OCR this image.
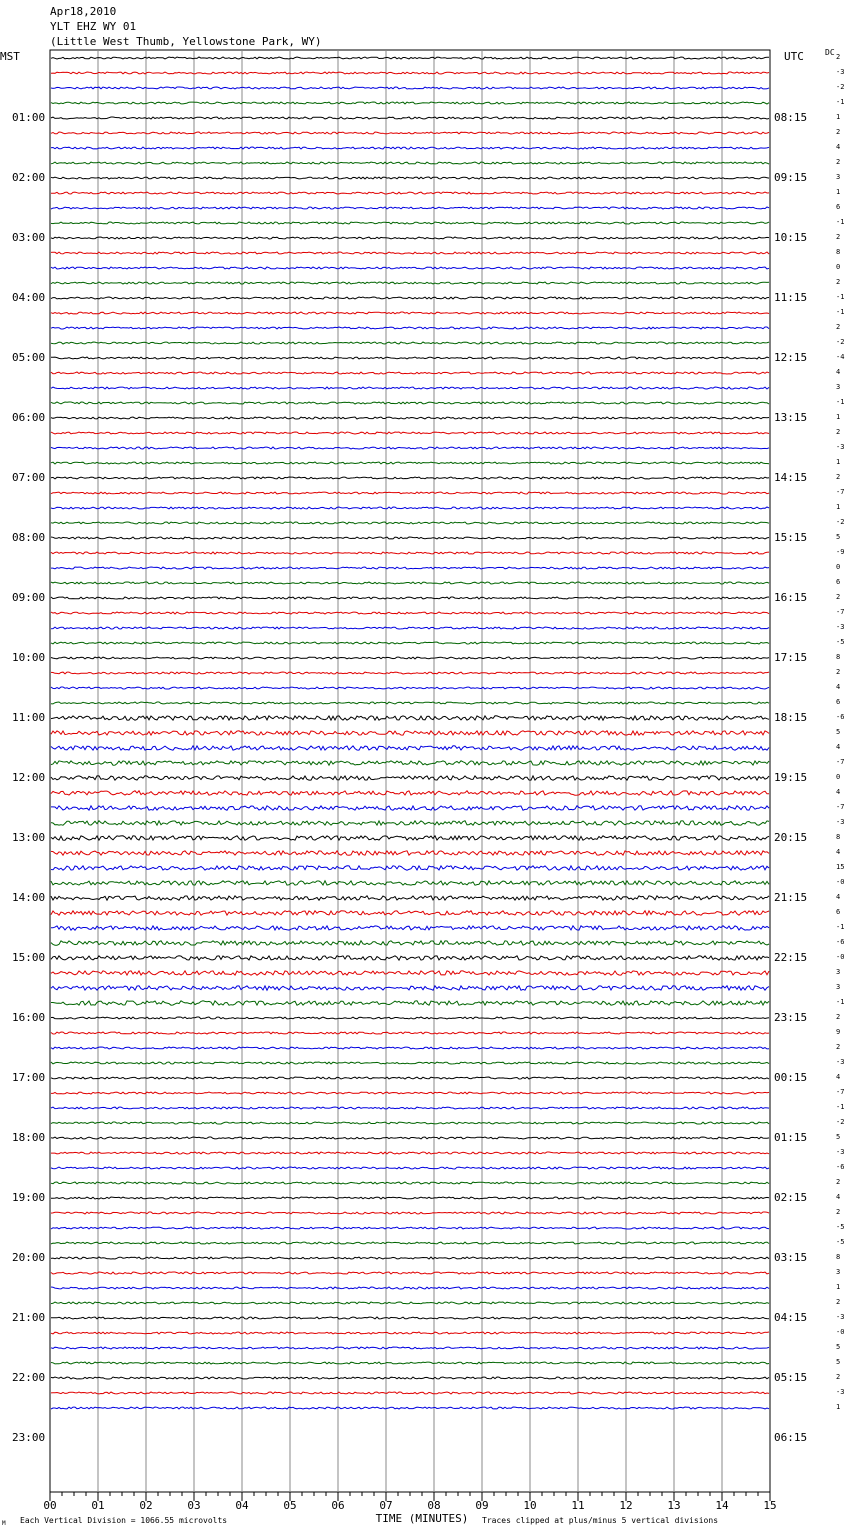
00	01	02	03	04	05	06	07	08	09	10	11	12	13	14	15
TIME (MINUTES)
Apr18,2010
YLT EHZ WY 01
(Little West Thumb, Yellowstone Park, WY)
MST	UTC	DC
01:00
02:00
03:00
04:00
05:00
06:00
07:00
08:00
09:00
10:00
11:00
12:00
13:00
14:00
15:00
16:00
17:00
18:00
19:00
20:00
21:00
22:00
23:00
08:15
09:15
10:15
11:15
12:15
13:15
14:15
15:15
16:15
17:15
18:15
19:15
20:15
21:15
22:15
23:15
00:15
01:15
02:15
03:15
04:15
05:15
06:15
2
-3
-2
-1
1
2
4
2
3
1
6
-1
2
8
0
2
-1
-1
2
-2
-4
4
3
-1
1
2
-3
1
2
-7
1
-2
5
-9
0
6
2
-7
-3
-5
8
2
4
6
-6
5
4
-7
0
4
-7
-3
8
4
15
-0
4
6
-1
-6
-0
3
3
-1
2
9
2
-3
4
-7
-1
-2
5
-3
-6
2
4
2
-5
-5
8
3
1
2
-3
-0
5
5
2
-3
1
M Each Vertical Division = 1066.55 microvolts	Traces clipped at plus/minus 5 vertical divisions
